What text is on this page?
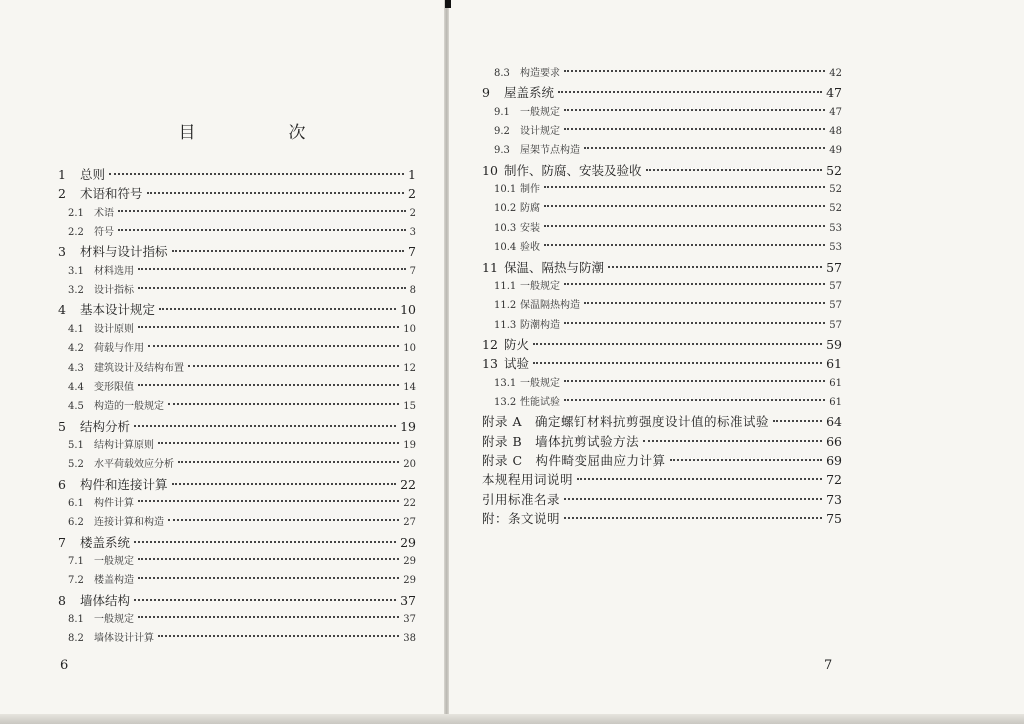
目　次
1	总则	1
2	术语和符号	2
2.1	术语	2
2.2	符号	3
3	材料与设计指标	7
3.1	材料选用	7
3.2	设计指标	8
4	基本设计规定	10
4.1	设计原则	10
4.2	荷载与作用	10
4.3	建筑设计及结构布置	12
4.4	变形限值	14
4.5	构造的一般规定	15
5	结构分析	19
5.1	结构计算原则	19
5.2	水平荷载效应分析	20
6	构件和连接计算	22
6.1	构件计算	22
6.2	连接计算和构造	27
7	楼盖系统	29
7.1	一般规定	29
7.2	楼盖构造	29
8	墙体结构	37
8.1	一般规定	37
8.2	墙体设计计算	38
6
8.3	构造要求	42
9	屋盖系统	47
9.1	一般规定	47
9.2	设计规定	48
9.3	屋架节点构造	49
10 制作、防腐、安装及验收	52
10.1 制作	52
10.2 防腐	52
10.3 安装	53
10.4 验收	53
11 保温、隔热与防潮	57
11.1 一般规定	57
11.2 保温隔热构造	57
11.3 防潮构造	57
12 防火	59
13 试验	61
13.1 一般规定	61
13.2 性能试验	61
附录 A　确定螺钉材料抗剪强度设计值的标准试验	64
附录 B　墙体抗剪试验方法	66
附录 C　构件畸变屈曲应力计算	69
本规程用词说明	72
引用标准名录	73
附：条文说明	75
7
